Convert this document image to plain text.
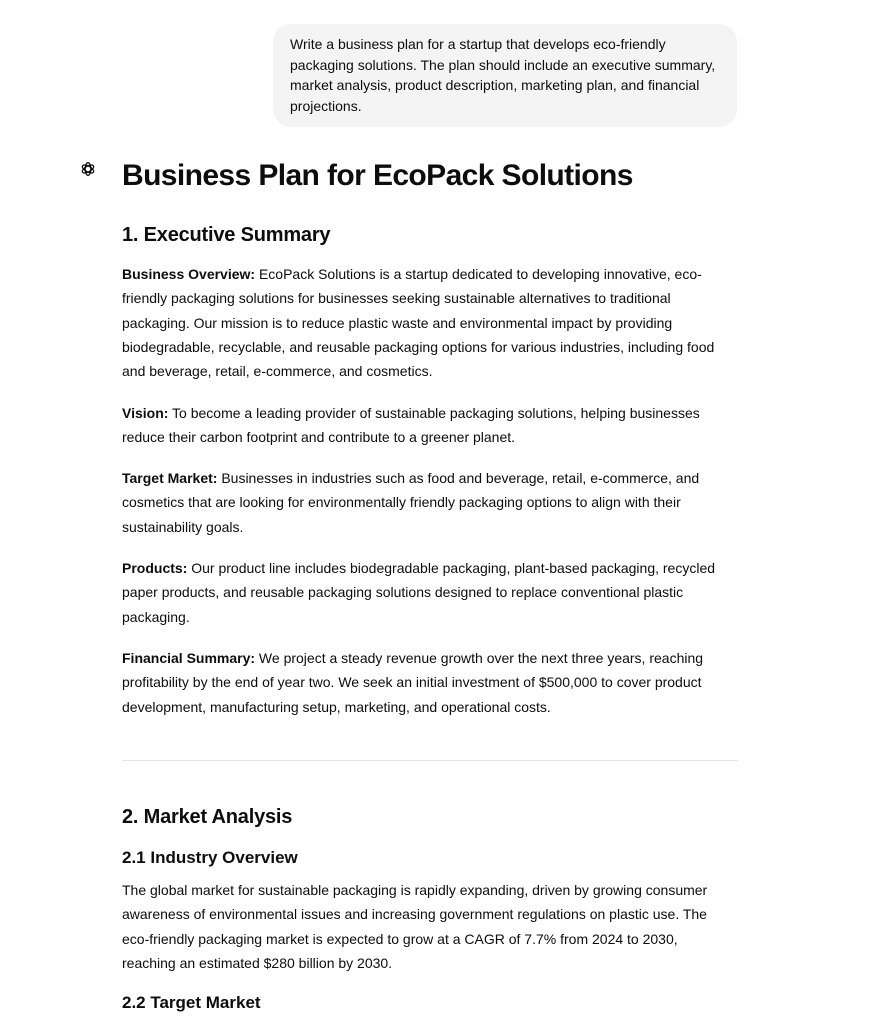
Write a business plan for a startup that develops eco-friendly packaging solutions. The plan should include an executive summary, market analysis, product description, marketing plan, and financial projections.
Business Plan for EcoPack Solutions
1. Executive Summary

Business Overview: EcoPack Solutions is a startup dedicated to developing innovative, eco-friendly packaging solutions for businesses seeking sustainable alternatives to traditional packaging. Our mission is to reduce plastic waste and environmental impact by providing biodegradable, recyclable, and reusable packaging options for various industries, including food and beverage, retail, e-commerce, and cosmetics.

Vision: To become a leading provider of sustainable packaging solutions, helping businesses reduce their carbon footprint and contribute to a greener planet.

Target Market: Businesses in industries such as food and beverage, retail, e-commerce, and cosmetics that are looking for environmentally friendly packaging options to align with their sustainability goals.

Products: Our product line includes biodegradable packaging, plant-based packaging, recycled paper products, and reusable packaging solutions designed to replace conventional plastic packaging.

Financial Summary: We project a steady revenue growth over the next three years, reaching profitability by the end of year two. We seek an initial investment of $500,000 to cover product development, manufacturing setup, marketing, and operational costs.

2. Market Analysis
2.1 Industry Overview

The global market for sustainable packaging is rapidly expanding, driven by growing consumer awareness of environmental issues and increasing government regulations on plastic use. The eco-friendly packaging market is expected to grow at a CAGR of 7.7% from 2024 to 2030, reaching an estimated $280 billion by 2030.

2.2 Target Market
